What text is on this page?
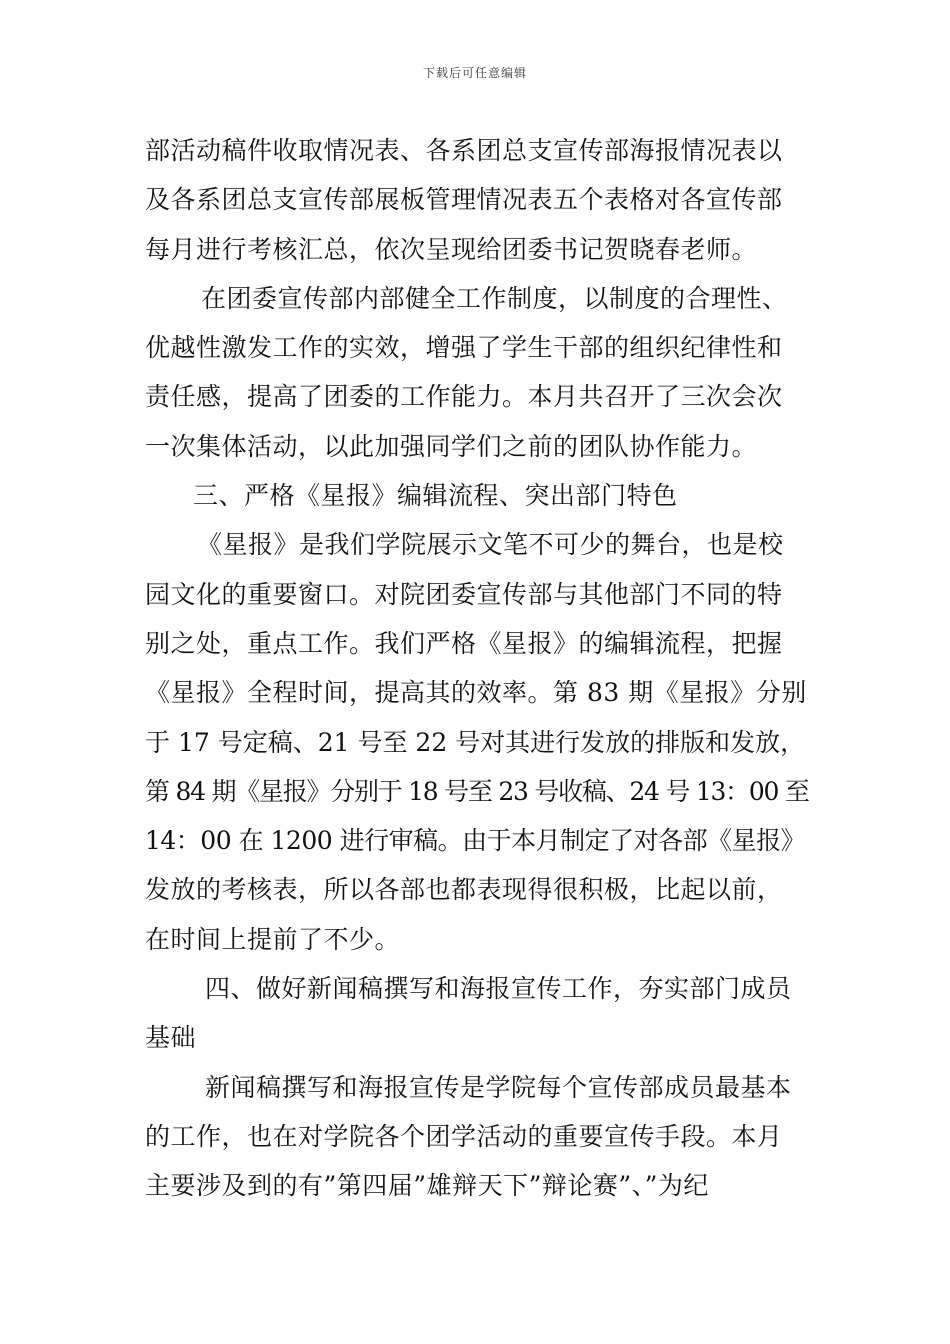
下载后可任意编辑
部活动稿件收取情况表、各系团总支宣传部海报情况表以
及各系团总支宣传部展板管理情况表五个表格对各宣传部
每月进行考核汇总，依次呈现给团委书记贺晓春老师。
在团委宣传部内部健全工作制度，以制度的合理性、
优越性激发工作的实效，增强了学生干部的组织纪律性和
责任感，提高了团委的工作能力。本月共召开了三次会次
一次集体活动，以此加强同学们之前的团队协作能力。
三、严格《星报》编辑流程、突出部门特色
《星报》是我们学院展示文笔不可少的舞台，也是校
园文化的重要窗口。对院团委宣传部与其他部门不同的特
别之处，重点工作。我们严格《星报》的编辑流程，把握
《星报》全程时间，提高其的效率。第 83 期《星报》分别
于 17 号定稿、21 号至 22 号对其进行发放的排版和发放，
第 84 期《星报》分别于 18 号至 23 号收稿、24 号 13：00 至
14：00 在 1200 进行审稿。由于本月制定了对各部《星报》
发放的考核表，所以各部也都表现得很积极，比起以前，
在时间上提前了不少。
四、做好新闻稿撰写和海报宣传工作，夯实部门成员
基础
新闻稿撰写和海报宣传是学院每个宣传部成员最基本
的工作，也在对学院各个团学活动的重要宣传手段。本月
主要涉及到的有”第四届”雄辩天下”辩论赛”、”为纪
